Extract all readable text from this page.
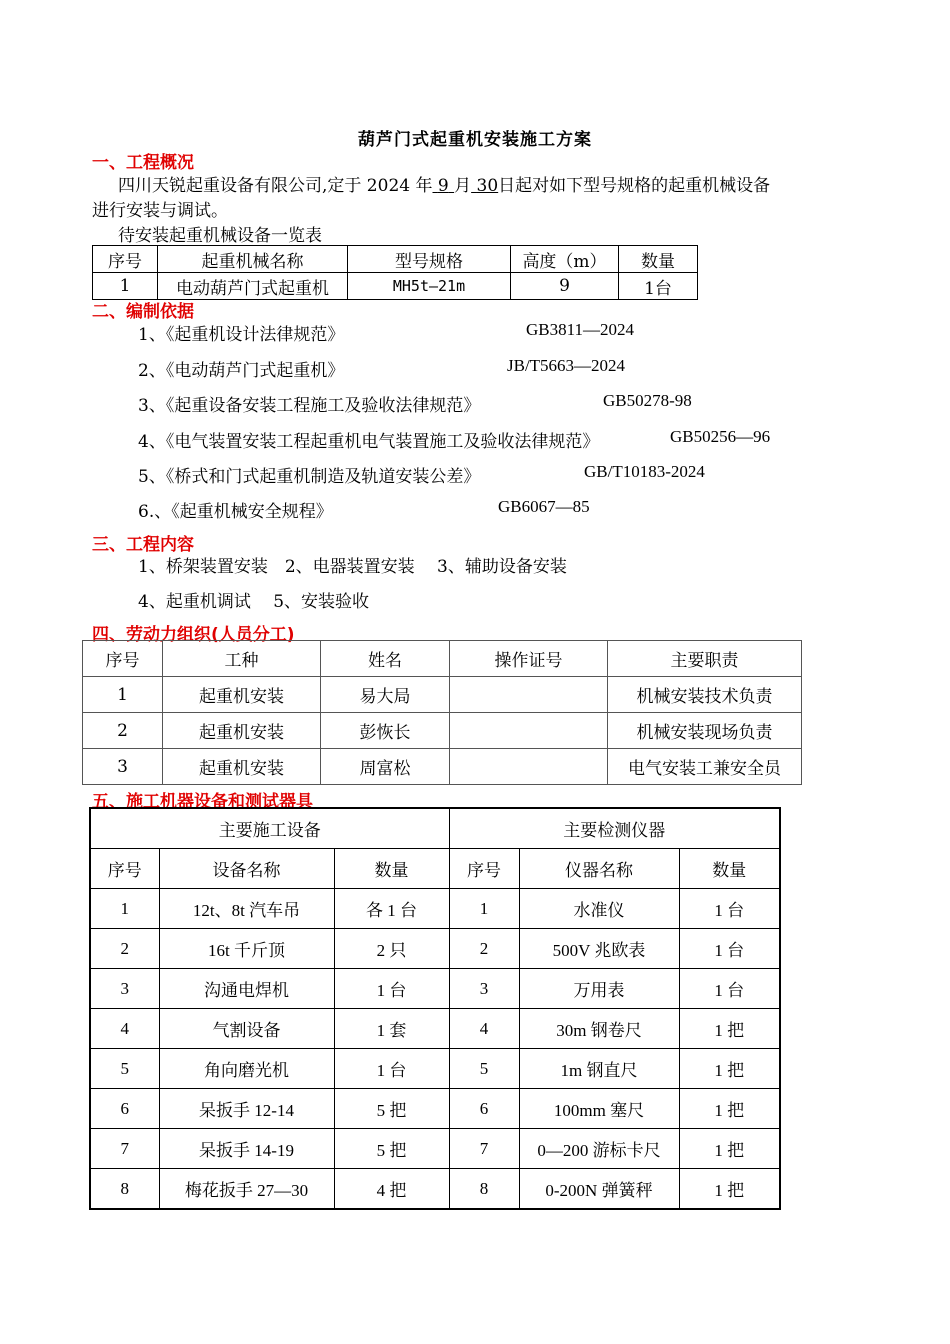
葫芦门式起重机安装施工方案
一、工程概况
四川天锐起重设备有限公司,定于 2024 年 9 月 30日起对如下型号规格的起重机械设备
进行安装与调试。
待安装起重机械设备一览表
序号	起重机械名称	型号规格	高度（m）	数量
1	电动葫芦门式起重机	MH5t—21m	9	1台
二、编制依据
1、《起重机设计法律规范》	GB3811—2024
2、《电动葫芦门式起重机》	JB/T5663—2024
3、《起重设备安装工程施工及验收法律规范》	GB50278-98
4、《电气装置安装工程起重机电气装置施工及验收法律规范》	GB50256—96
5、《桥式和门式起重机制造及轨道安装公差》	GB/T10183-2024
6.、《起重机械安全规程》	GB6067—85
三、工程内容
1、桥架装置安装　2、电器装置安装　 3、辅助设备安装
4、起重机调试　 5、安装验收
四、劳动力组织(人员分工)
序号	工种	姓名	操作证号	主要职责
1	起重机安装	易大局		机械安装技术负责
2	起重机安装	彭恢长		机械安装现场负责
3	起重机安装	周富松		电气安装工兼安全员
五、施工机器设备和测试器具
主要施工设备			主要检测仪器		
序号	设备名称	数量	序号	仪器名称	数量
1	12t、8t 汽车吊	各 1 台	1	水准仪	1 台
2	16t 千斤顶	2 只	2	500V 兆欧表	1 台
3	沟通电焊机	1 台	3	万用表	1 台
4	气割设备	1 套	4	30m 钢卷尺	1 把
5	角向磨光机	1 台	5	1m 钢直尺	1 把
6	呆扳手 12-14	5 把	6	100mm 塞尺	1 把
7	呆扳手 14-19	5 把	7	0—200 游标卡尺	1 把
8	梅花扳手 27—30	4 把	8	0-200N 弹簧秤	1 把
